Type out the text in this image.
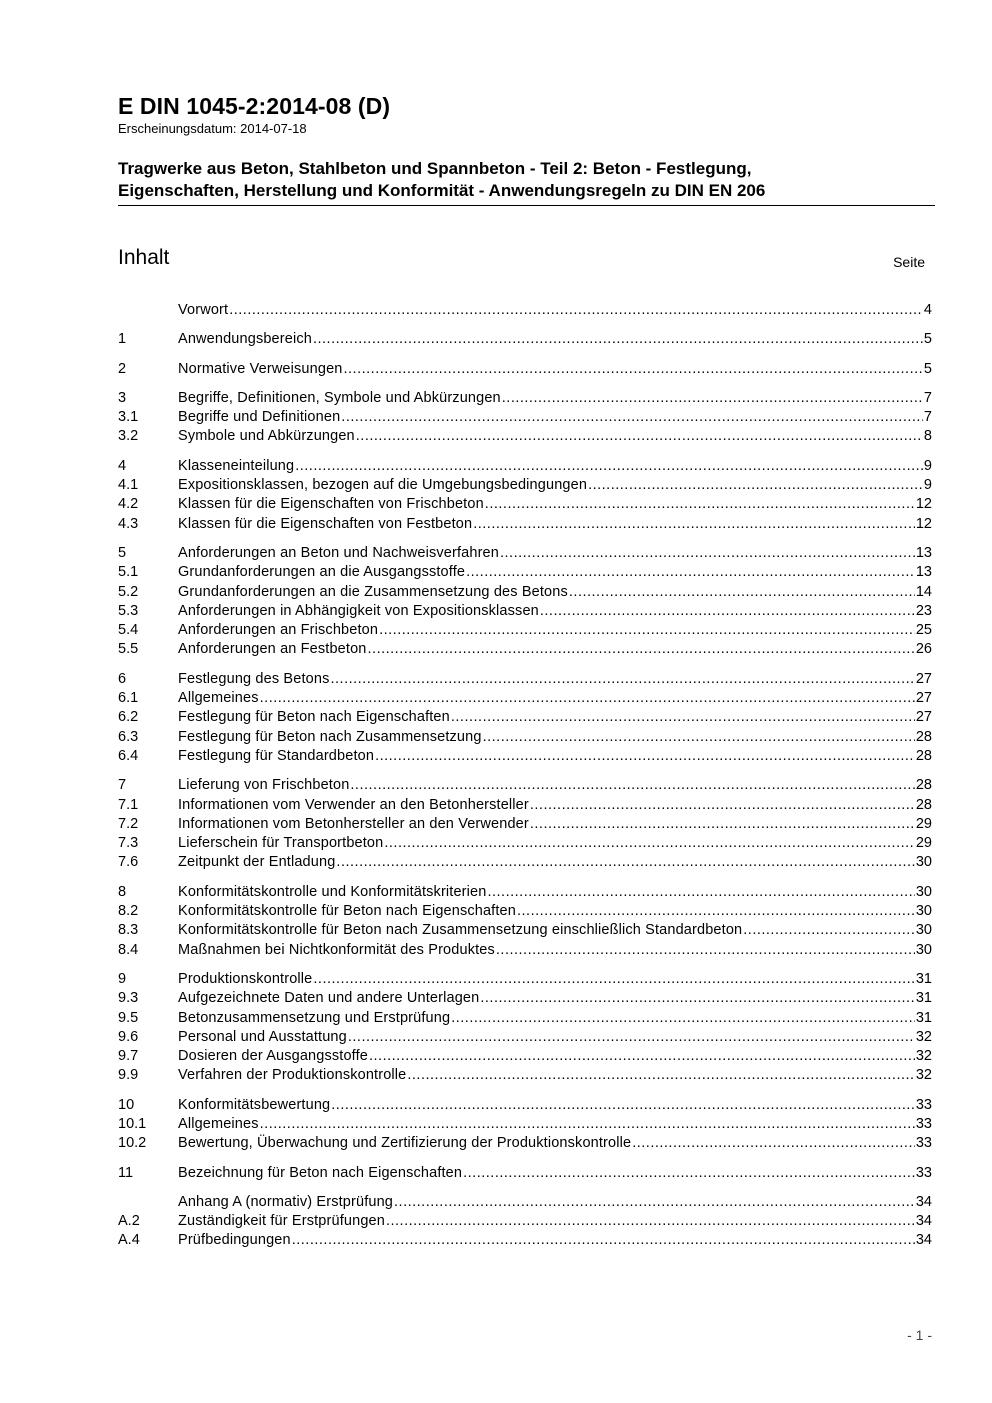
E DIN 1045-2:2014-08 (D)
Erscheinungsdatum: 2014-07-18
Tragwerke aus Beton, Stahlbeton und Spannbeton - Teil 2: Beton - Festlegung,
Eigenschaften, Herstellung und Konformität - Anwendungsregeln zu DIN EN 206
Inhalt	Seite
Vorwort .....	4
1	Anwendungsbereich .....	5
2	Normative Verweisungen .....	5
3	Begriffe, Definitionen, Symbole und Abkürzungen .....	7
3.1	Begriffe und Definitionen .....	7
3.2	Symbole und Abkürzungen .....	8
4	Klasseneinteilung .....	9
4.1	Expositionsklassen, bezogen auf die Umgebungsbedingungen .....	9
4.2	Klassen für die Eigenschaften von Frischbeton .....	12
4.3	Klassen für die Eigenschaften von Festbeton .....	12
5	Anforderungen an Beton und Nachweisverfahren .....	13
5.1	Grundanforderungen an die Ausgangsstoffe .....	13
5.2	Grundanforderungen an die Zusammensetzung des Betons .....	14
5.3	Anforderungen in Abhängigkeit von Expositionsklassen .....	23
5.4	Anforderungen an Frischbeton .....	25
5.5	Anforderungen an Festbeton .....	26
6	Festlegung des Betons .....	27
6.1	Allgemeines .....	27
6.2	Festlegung für Beton nach Eigenschaften .....	27
6.3	Festlegung für Beton nach Zusammensetzung .....	28
6.4	Festlegung für Standardbeton .....	28
7	Lieferung von Frischbeton .....	28
7.1	Informationen vom Verwender an den Betonhersteller .....	28
7.2	Informationen vom Betonhersteller an den Verwender .....	29
7.3	Lieferschein für Transportbeton .....	29
7.6	Zeitpunkt der Entladung .....	30
8	Konformitätskontrolle und Konformitätskriterien .....	30
8.2	Konformitätskontrolle für Beton nach Eigenschaften .....	30
8.3	Konformitätskontrolle für Beton nach Zusammensetzung einschließlich Standardbeton .....	30
8.4	Maßnahmen bei Nichtkonformität des Produktes .....	30
9	Produktionskontrolle .....	31
9.3	Aufgezeichnete Daten und andere Unterlagen .....	31
9.5	Betonzusammensetzung und Erstprüfung .....	31
9.6	Personal und Ausstattung .....	32
9.7	Dosieren der Ausgangsstoffe .....	32
9.9	Verfahren der Produktionskontrolle .....	32
10	Konformitätsbewertung .....	33
10.1	Allgemeines .....	33
10.2	Bewertung, Überwachung und Zertifizierung der Produktionskontrolle .....	33
11	Bezeichnung für Beton nach Eigenschaften .....	33
Anhang A (normativ) Erstprüfung .....	34
A.2	Zuständigkeit für Erstprüfungen .....	34
A.4	Prüfbedingungen .....	34
- 1 -
